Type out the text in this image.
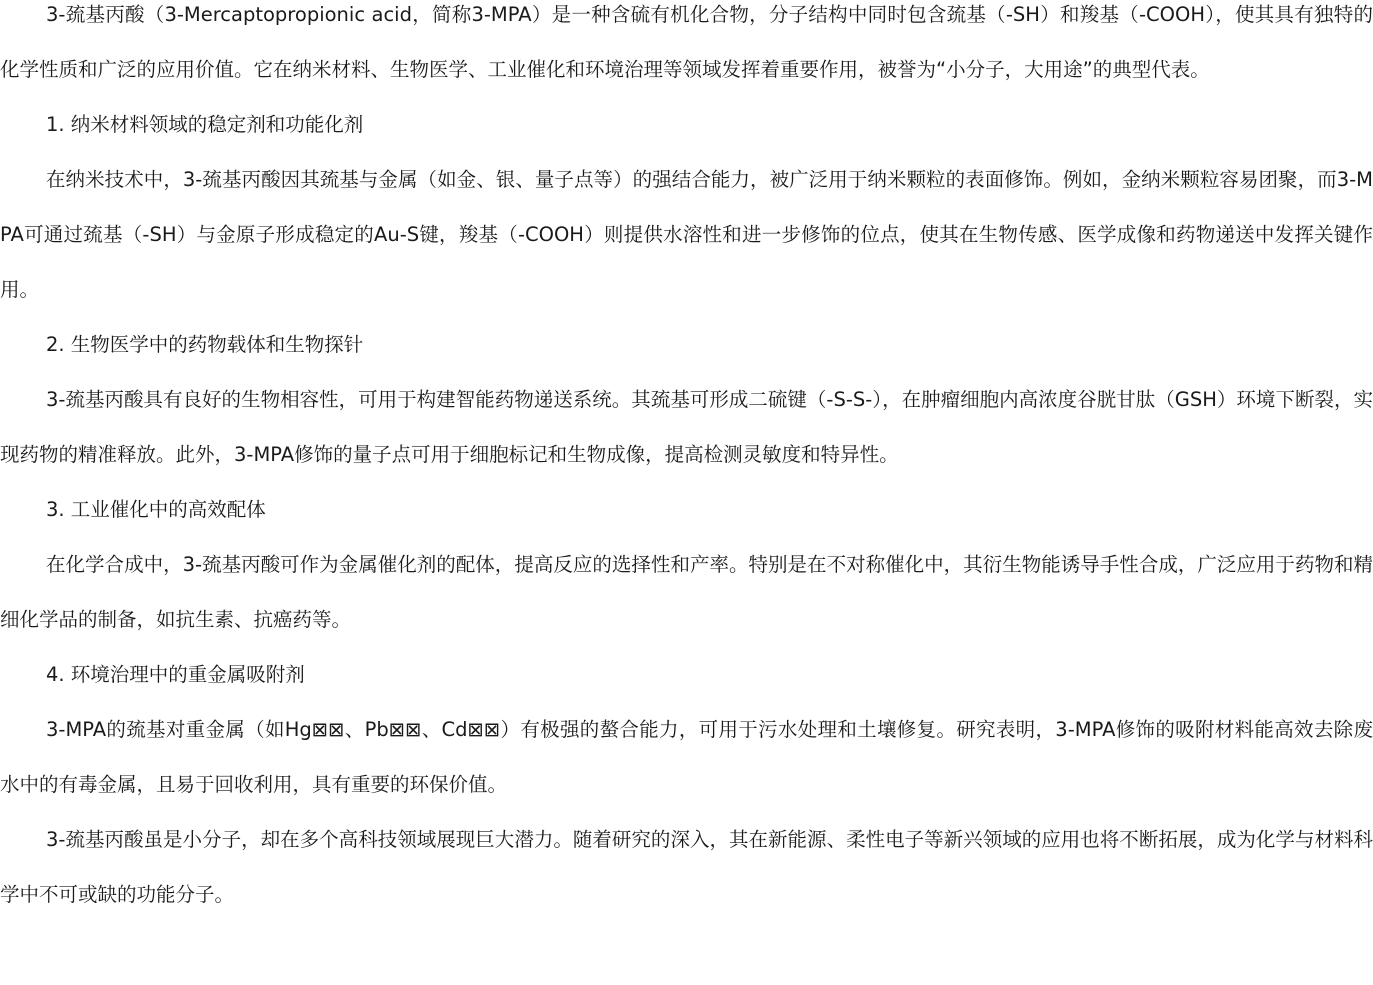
3-巯基丙酸（3-Mercaptopropionic acid，简称3-MPA）是一种含硫有机化合物，分子结构中同时包含巯基（-SH）和羧基（-COOH），使其具有独特的化学性质和广泛的应用价值。它在纳米材料、生物医学、工业催化和环境治理等领域发挥着重要作用，被誉为“小分子，大用途”的典型代表。

1. 纳米材料领域的稳定剂和功能化剂

在纳米技术中，3-巯基丙酸因其巯基与金属（如金、银、量子点等）的强结合能力，被广泛用于纳米颗粒的表面修饰。例如，金纳米颗粒容易团聚，而3-MPA可通过巯基（-SH）与金原子形成稳定的Au-S键，羧基（-COOH）则提供水溶性和进一步修饰的位点，使其在生物传感、医学成像和药物递送中发挥关键作用。

2. 生物医学中的药物载体和生物探针

3-巯基丙酸具有良好的生物相容性，可用于构建智能药物递送系统。其巯基可形成二硫键（-S-S-），在肿瘤细胞内高浓度谷胱甘肽（GSH）环境下断裂，实现药物的精准释放。此外，3-MPA修饰的量子点可用于细胞标记和生物成像，提高检测灵敏度和特异性。

3. 工业催化中的高效配体

在化学合成中，3-巯基丙酸可作为金属催化剂的配体，提高反应的选择性和产率。特别是在不对称催化中，其衍生物能诱导手性合成，广泛应用于药物和精细化学品的制备，如抗生素、抗癌药等。

4. 环境治理中的重金属吸附剂

3-MPA的巯基对重金属（如Hg⊠⊠、Pb⊠⊠、Cd⊠⊠）有极强的螯合能力，可用于污水处理和土壤修复。研究表明，3-MPA修饰的吸附材料能高效去除废水中的有毒金属，且易于回收利用，具有重要的环保价值。

3-巯基丙酸虽是小分子，却在多个高科技领域展现巨大潜力。随着研究的深入，其在新能源、柔性电子等新兴领域的应用也将不断拓展，成为化学与材料科学中不可或缺的功能分子。
